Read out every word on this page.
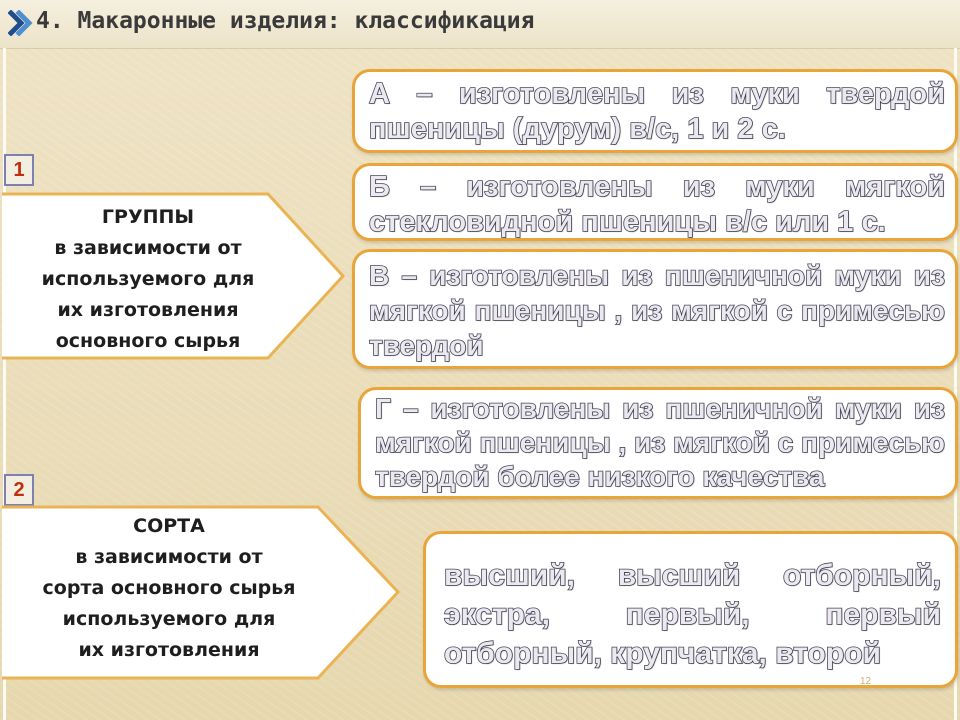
4. Макаронные изделия: классификация
1
ГРУППЫ
в зависимости от
используемого для
их изготовления
основного сырья
2
СОРТА
в зависимости от
сорта основного сырья
используемого для
их изготовления
А – изготовлены из муки твердой
пшеницы (дурум) в/с, 1 и 2 с.
Б – изготовлены из муки мягкой
стекловидной пшеницы в/с или 1 с.
В – изготовлены из пшеничной муки из
мягкой пшеницы , из мягкой с примесью
твердой
Г – изготовлены из пшеничной муки из
мягкой пшеницы , из мягкой с примесью
твердой более низкого качества
высший, высший отборный,
экстра,	первый,	первый
отборный, крупчатка, второй
12
